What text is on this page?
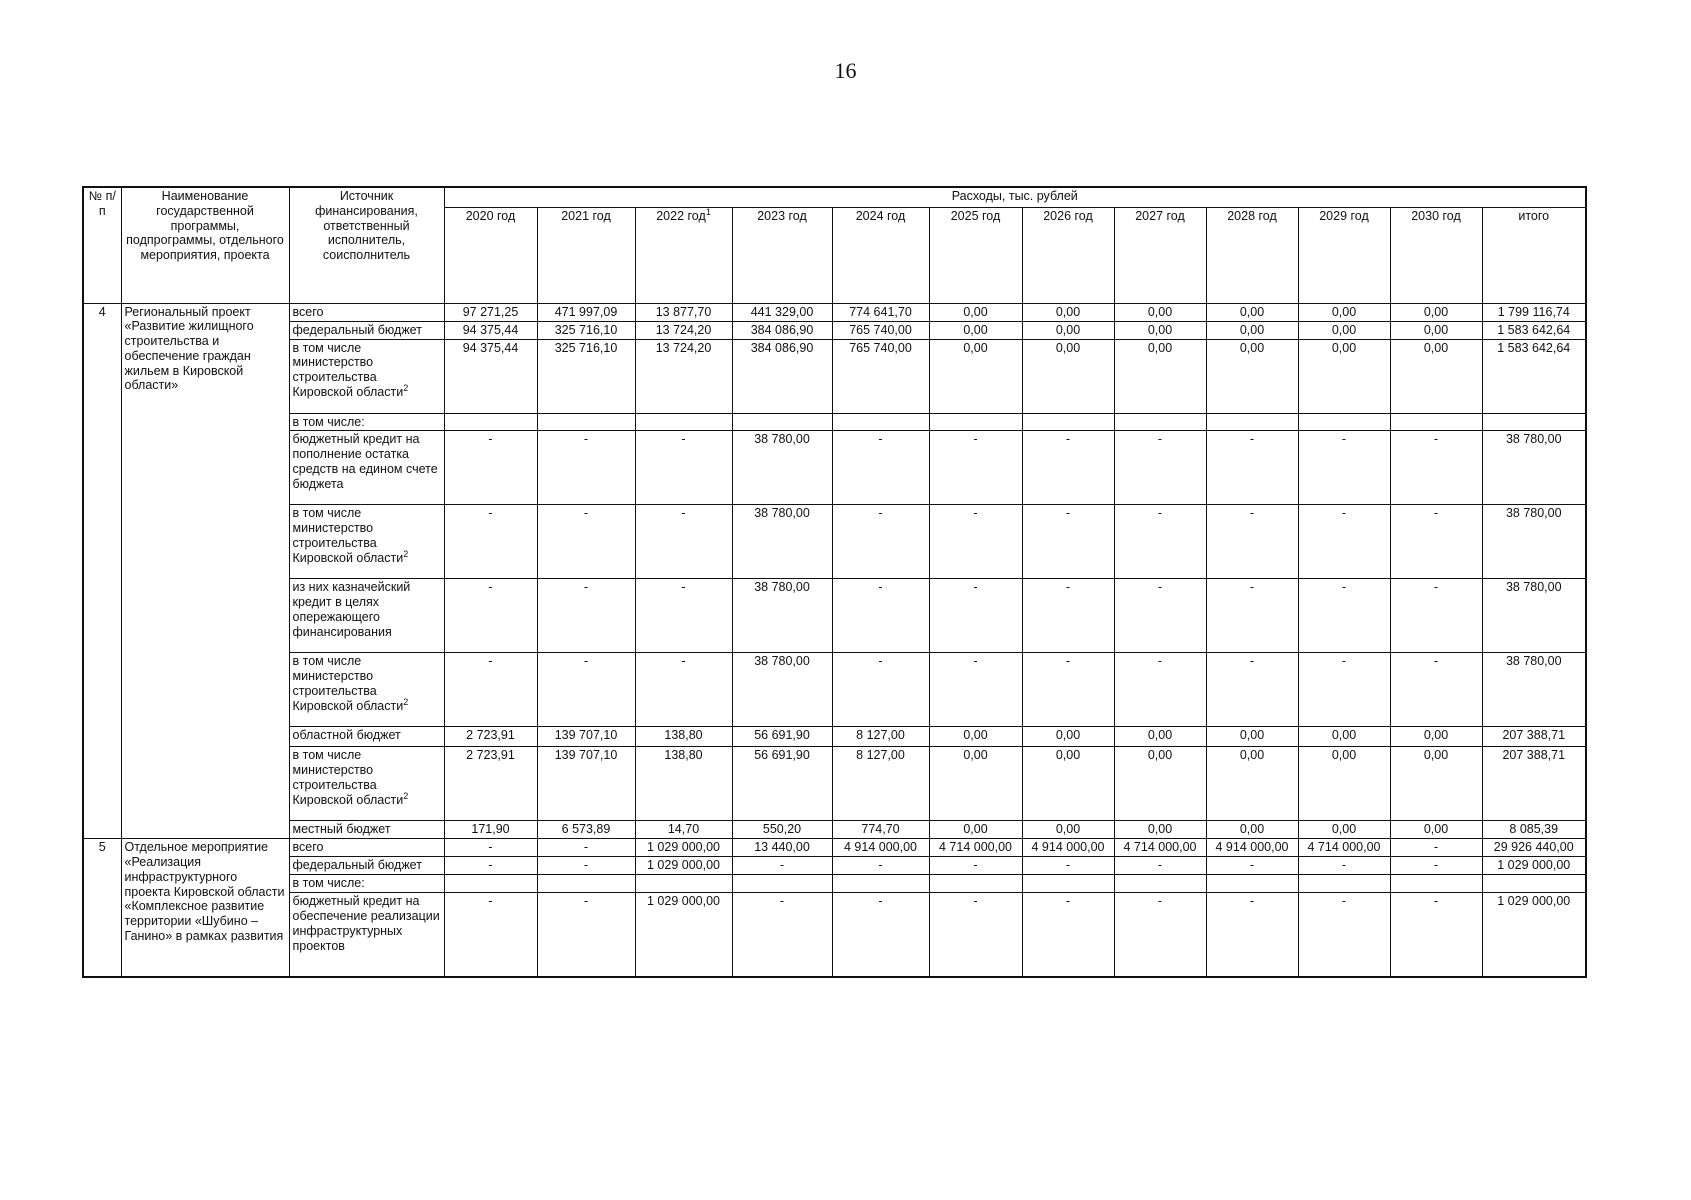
16
№ п/п	Наименование государственной программы, подпрограммы, отдельного мероприятия, проекта	Источник финансирования, ответственный исполнитель, соисполнитель	Расходы, тыс. рублей											
			2020 год	2021 год	2022 год$^1$	2023 год	2024 год	2025 год	2026 год	2027 год	2028 год	2029 год	2030 год	итого
4	Региональный проект «Развитие жилищного строительства и обеспечение граждан жильем в Кировской области»	всего	97 271,25	471 997,09	13 877,70	441 329,00	774 641,70	0,00	0,00	0,00	0,00	0,00	0,00	1 799 116,74
		федеральный бюджет	94 375,44	325 716,10	13 724,20	384 086,90	765 740,00	0,00	0,00	0,00	0,00	0,00	0,00	1 583 642,64
		в том числе министерство строительства Кировской области$^2$	94 375,44	325 716,10	13 724,20	384 086,90	765 740,00	0,00	0,00	0,00	0,00	0,00	0,00	1 583 642,64
		в том числе:												
		бюджетный кредит на пополнение остатка средств на едином счете бюджета	-	-	-	38 780,00	-	-	-	-	-	-	-	38 780,00
		в том числе министерство строительства Кировской области$^2$	-	-	-	38 780,00	-	-	-	-	-	-	-	38 780,00
		из них казначейский кредит в целях опережающего финансирования	-	-	-	38 780,00	-	-	-	-	-	-	-	38 780,00
		в том числе министерство строительства Кировской области$^2$	-	-	-	38 780,00	-	-	-	-	-	-	-	38 780,00
		областной бюджет	2 723,91	139 707,10	138,80	56 691,90	8 127,00	0,00	0,00	0,00	0,00	0,00	0,00	207 388,71
		в том числе министерство строительства Кировской области$^2$	2 723,91	139 707,10	138,80	56 691,90	8 127,00	0,00	0,00	0,00	0,00	0,00	0,00	207 388,71
		местный бюджет	171,90	6 573,89	14,70	550,20	774,70	0,00	0,00	0,00	0,00	0,00	0,00	8 085,39
5	Отдельное мероприятие «Реализация инфраструктурного проекта Кировской области «Комплексное развитие территории «Шубино – Ганино» в рамках развития	всего	-	-	1 029 000,00	13 440,00	4 914 000,00	4 714 000,00	4 914 000,00	4 714 000,00	4 914 000,00	4 714 000,00	-	29 926 440,00
		федеральный бюджет	-	-	1 029 000,00	-	-	-	-	-	-	-	-	1 029 000,00
		в том числе:												
		бюджетный кредит на обеспечение реализации инфраструктурных проектов	-	-	1 029 000,00	-	-	-	-	-	-	-	-	1 029 000,00
